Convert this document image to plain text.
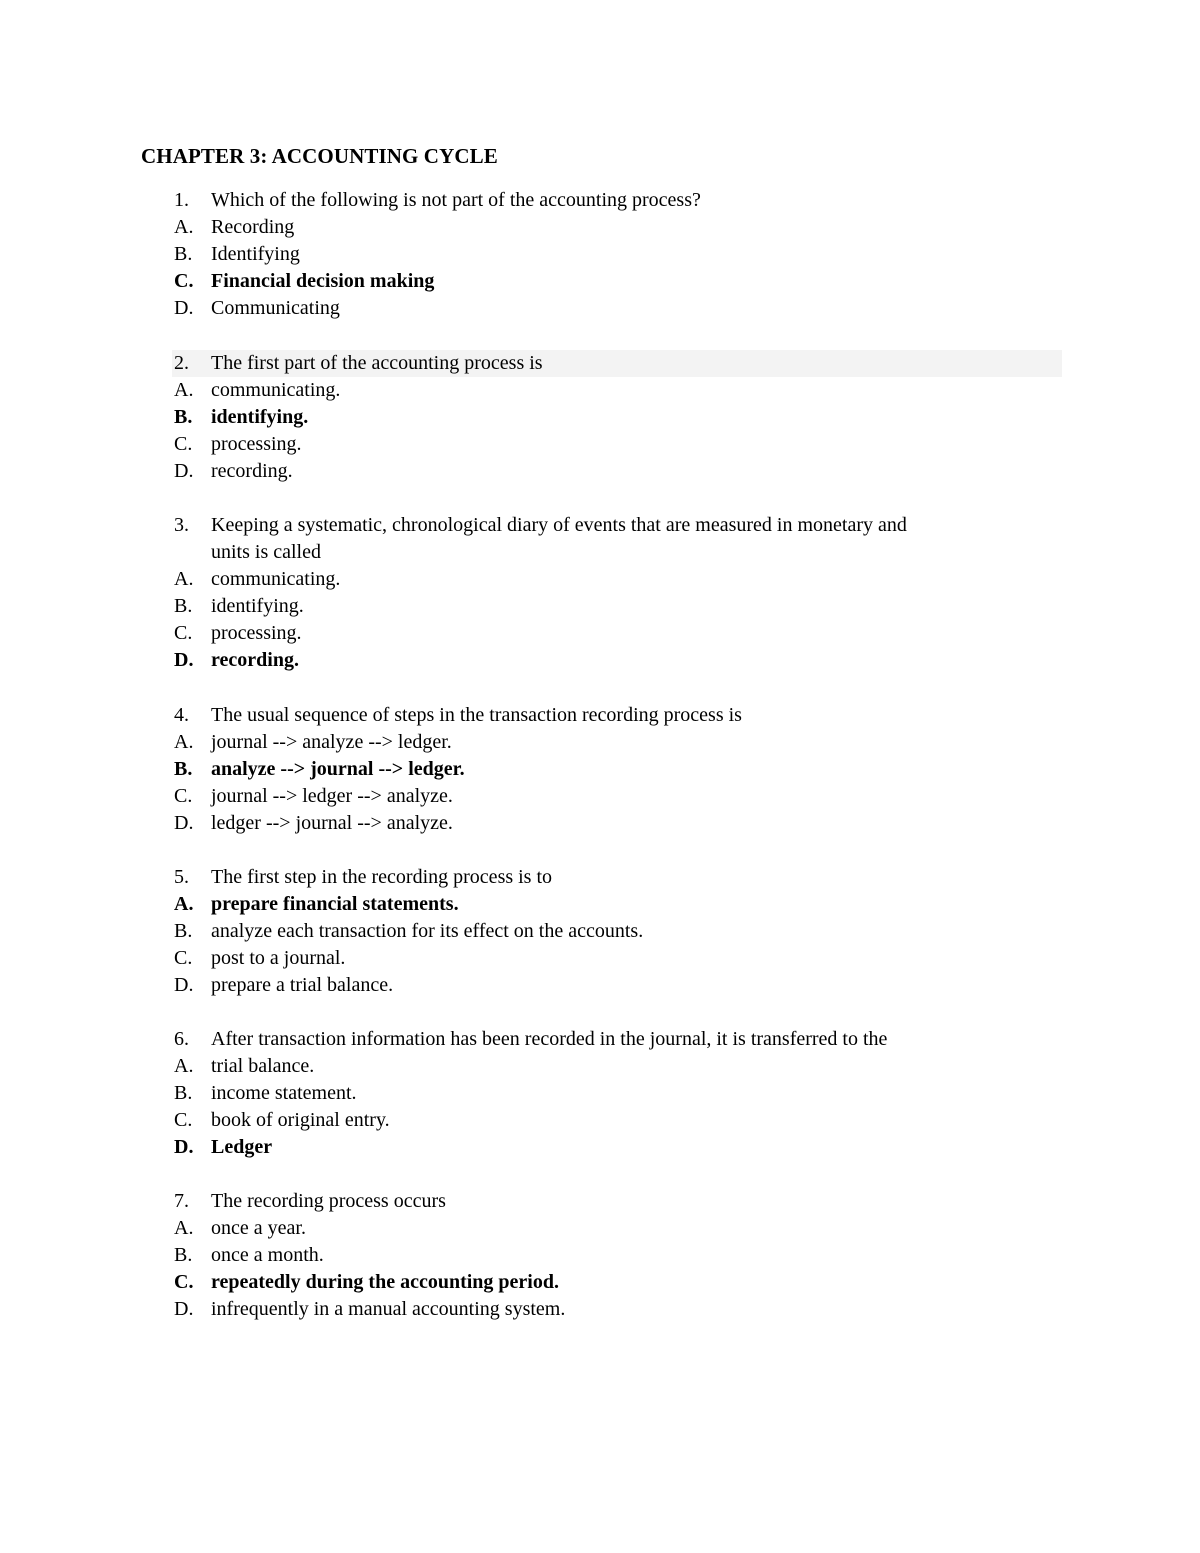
CHAPTER 3: ACCOUNTING CYCLE
1. Which of the following is not part of the accounting process?
A. Recording
B. Identifying
C. Financial decision making
D. Communicating
2. The first part of the accounting process is
A. communicating.
B. identifying.
C. processing.
D. recording.
3. Keeping a systematic, chronological diary of events that are measured in monetary and
units is called
A. communicating.
B. identifying.
C. processing.
D. recording.
4. The usual sequence of steps in the transaction recording process is
A. journal --> analyze --> ledger.
B. analyze --> journal --> ledger.
C. journal --> ledger --> analyze.
D. ledger --> journal --> analyze.
5. The first step in the recording process is to
A. prepare financial statements.
B. analyze each transaction for its effect on the accounts.
C. post to a journal.
D. prepare a trial balance.
6. After transaction information has been recorded in the journal, it is transferred to the
A. trial balance.
B. income statement.
C. book of original entry.
D. Ledger
7. The recording process occurs
A. once a year.
B. once a month.
C. repeatedly during the accounting period.
D. infrequently in a manual accounting system.
